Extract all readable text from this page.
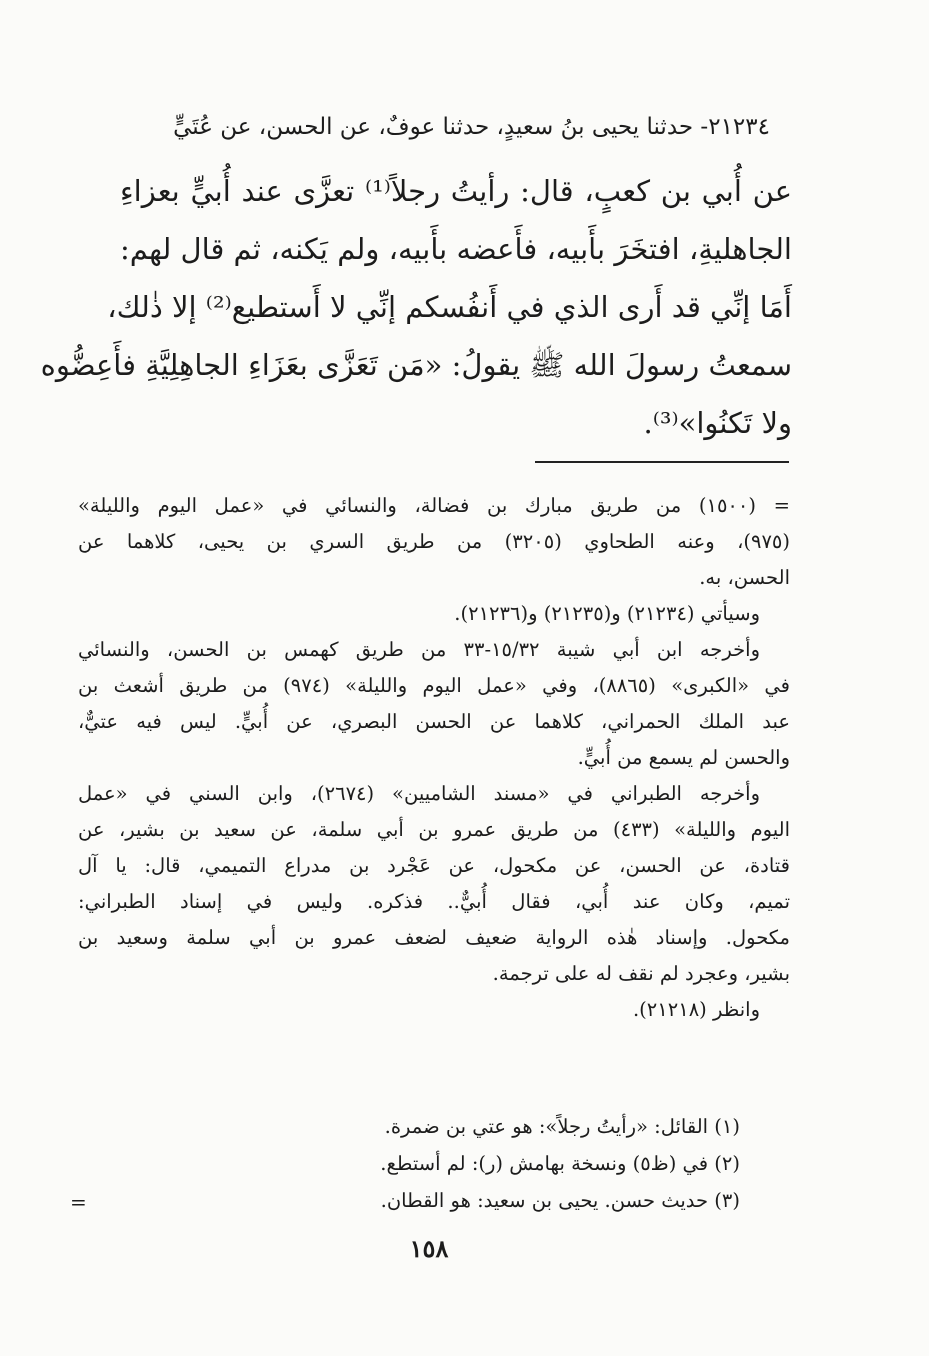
٢١٢٣٤- حدثنا يحيى بنُ سعيدٍ، حدثنا عوفٌ، عن الحسن، عن عُتَيٍّ
عن أُبي بن كعبٍ، قال: رأيتُ رجلاً⁽¹⁾ تعزَّى عند أُبيٍّ بعزاءِ
الجاهليةِ، افتخَرَ بأَبيه، فأَعضه بأَبيه، ولم يَكنه، ثم قال لهم:
أَمَا إنِّي قد أَرى الذي في أَنفُسكم إنِّي لا أَستطيع⁽²⁾ إلا ذٰلك،
سمعتُ رسولَ الله ﷺ يقولُ: «مَن تَعَزَّى بعَزَاءِ الجاهِلِيَّةِ فأَعِضُّوه
ولا تَكنُوا»⁽³⁾.
= (١٥٠٠) من طريق مبارك بن فضالة، والنسائي في «عمل اليوم والليلة»
(٩٧٥)، وعنه الطحاوي (٣٢٠٥) من طريق السري بن يحيى، كلاهما عن
الحسن، به.
وسيأتي (٢١٢٣٤) و(٢١٢٣٥) و(٢١٢٣٦).
وأخرجه ابن أبي شيبة ١٥/٣٢-٣٣ من طريق كهمس بن الحسن، والنسائي
في «الكبرى» (٨٨٦٥)، وفي «عمل اليوم والليلة» (٩٧٤) من طريق أشعث بن
عبد الملك الحمراني، كلاهما عن الحسن البصري، عن أُبيٍّ. ليس فيه عتيٌّ،
والحسن لم يسمع من أُبيٍّ.
وأخرجه الطبراني في «مسند الشاميين» (٢٦٧٤)، وابن السني في «عمل
اليوم والليلة» (٤٣٣) من طريق عمرو بن أبي سلمة، عن سعيد بن بشير، عن
قتادة، عن الحسن، عن مكحول، عن عَجْرد بن مدراع التميمي، قال: يا آل
تميم، وكان عند أُبي، فقال أُبيٌّ.. فذكره. وليس في إسناد الطبراني:
مكحول. وإسناد هٰذه الرواية ضعيف لضعف عمرو بن أبي سلمة وسعيد بن
بشير، وعجرد لم نقف له على ترجمة.
وانظر (٢١٢١٨).
(١) القائل: «رأيتُ رجلاً»: هو عتي بن ضمرة.
(٢) في (ظ٥) ونسخة بهامش (ر): لم أستطع.
(٣) حديث حسن. يحيى بن سعيد: هو القطان.
=
١٥٨
